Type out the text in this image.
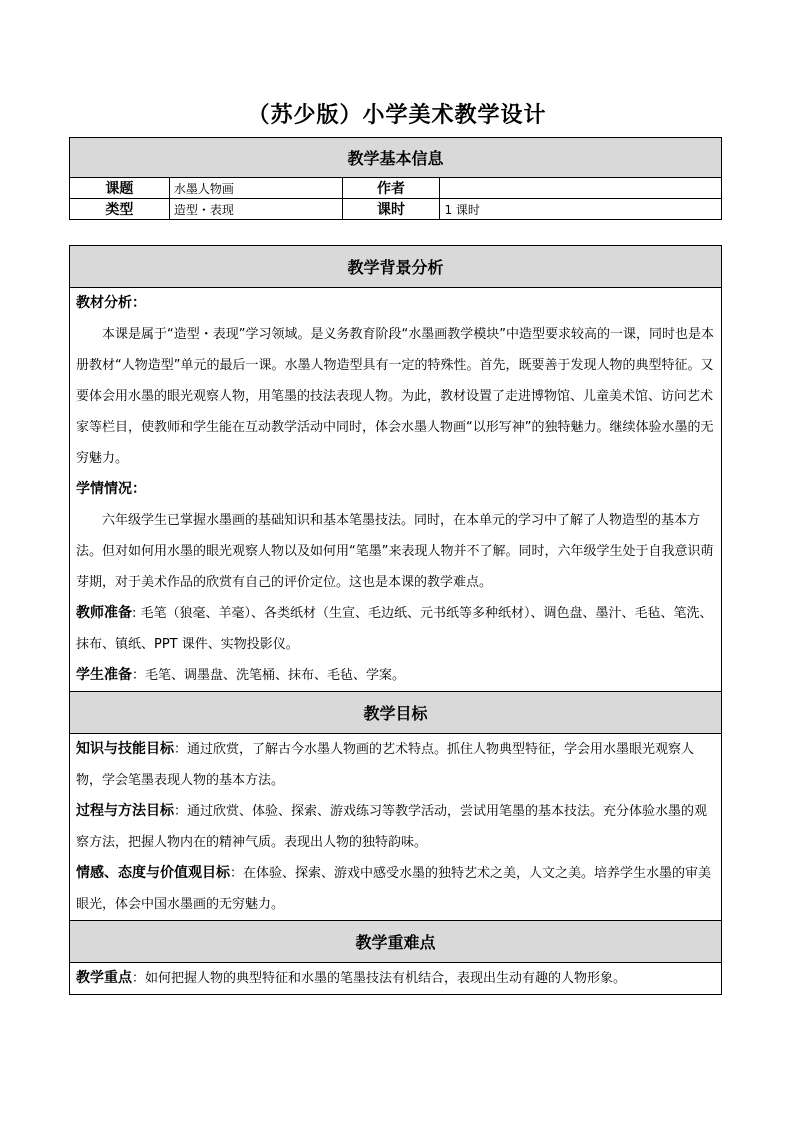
（苏少版）小学美术教学设计
教学基本信息			
课题	水墨人物画	作者	
类型	造型・表现	课时	1 课时
教学背景分析

教材分析：

本课是属于“造型・表现”学习领域。是义务教育阶段“水墨画教学模块”中造型要求较高的一课，同时也是本册教材“人物造型”单元的最后一课。水墨人物造型具有一定的特殊性。首先，既要善于发现人物的典型特征。又要体会用水墨的眼光观察人物，用笔墨的技法表现人物。为此，教材设置了走进博物馆、儿童美术馆、访问艺术家等栏目，使教师和学生能在互动教学活动中同时，体会水墨人物画“以形写神”的独特魅力。继续体验水墨的无穷魅力。

学情情况：

六年级学生已掌握水墨画的基础知识和基本笔墨技法。同时，在本单元的学习中了解了人物造型的基本方法。但对如何用水墨的眼光观察人物以及如何用“笔墨”来表现人物并不了解。同时，六年级学生处于自我意识萌芽期，对于美术作品的欣赏有自己的评价定位。这也是本课的教学难点。

教师准备: 毛笔（狼毫、羊毫）、各类纸材（生宣、毛边纸、元书纸等多种纸材）、调色盘、墨汁、毛毡、笔洗、抹布、镇纸、PPT 课件、实物投影仪。

学生准备：毛笔、调墨盘、洗笔桶、抹布、毛毡、学案。

教学目标

知识与技能目标：通过欣赏，了解古今水墨人物画的艺术特点。抓住人物典型特征，学会用水墨眼光观察人物，学会笔墨表现人物的基本方法。

过程与方法目标：通过欣赏、体验、探索、游戏练习等教学活动，尝试用笔墨的基本技法。充分体验水墨的观察方法，把握人物内在的精神气质。表现出人物的独特韵味。

情感、态度与价值观目标：在体验、探索、游戏中感受水墨的独特艺术之美，人文之美。培养学生水墨的审美眼光，体会中国水墨画的无穷魅力。

教学重难点

教学重点：如何把握人物的典型特征和水墨的笔墨技法有机结合，表现出生动有趣的人物形象。
